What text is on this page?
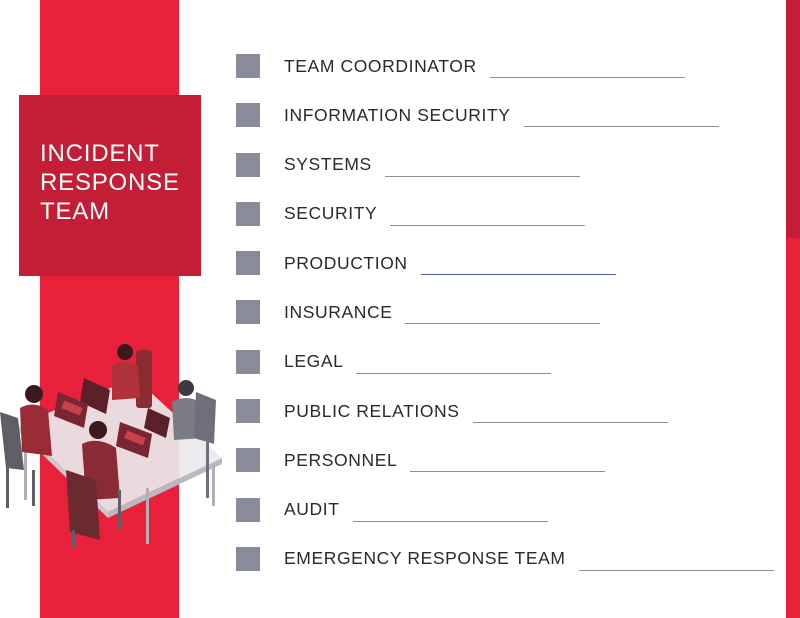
INCIDENT
RESPONSE
TEAM
TEAM COORDINATOR
INFORMATION SECURITY
SYSTEMS
SECURITY
PRODUCTION
INSURANCE
LEGAL
PUBLIC RELATIONS
PERSONNEL
AUDIT
EMERGENCY RESPONSE TEAM
